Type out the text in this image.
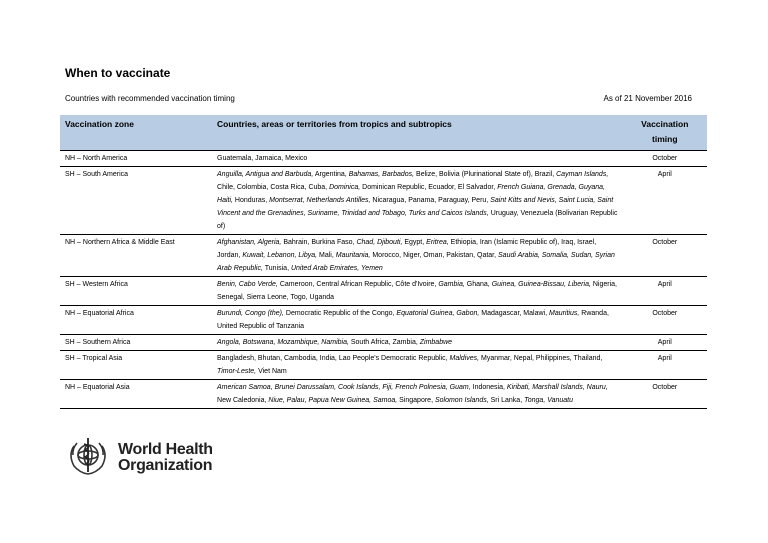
When to vaccinate
Countries with recommended vaccination timing	As of 21 November 2016
Vaccination zone	Countries, areas or territories from tropics and subtropics	Vaccination timing
NH – North America	Guatemala, Jamaica, Mexico	October
SH – South America	Anguilla, Antigua and Barbuda, Argentina, Bahamas, Barbados, Belize, Bolivia (Plurinational State of), Brazil, Cayman Islands, Chile, Colombia, Costa Rica, Cuba, Dominica, Dominican Republic, Ecuador, El Salvador, French Guiana, Grenada, Guyana, Haiti, Honduras, Montserrat, Netherlands Antilles, Nicaragua, Panama, Paraguay, Peru, Saint Kitts and Nevis, Saint Lucia, Saint Vincent and the Grenadines, Suriname, Trinidad and Tobago, Turks and Caicos Islands, Uruguay, Venezuela (Bolivarian Republic of)	April
NH – Northern Africa & Middle East	Afghanistan, Algeria, Bahrain, Burkina Faso, Chad, Djibouti, Egypt, Eritrea, Ethiopia, Iran (Islamic Republic of), Iraq, Israel, Jordan, Kuwait, Lebanon, Libya, Mali, Mauritania, Morocco, Niger, Oman, Pakistan, Qatar, Saudi Arabia, Somalia, Sudan, Syrian Arab Republic, Tunisia, United Arab Emirates, Yemen	October
SH – Western Africa	Benin, Cabo Verde, Cameroon, Central African Republic, Côte d'Ivoire, Gambia, Ghana, Guinea, Guinea-Bissau, Liberia, Nigeria, Senegal, Sierra Leone, Togo, Uganda	April
NH – Equatorial Africa	Burundi, Congo (the), Democratic Republic of the Congo, Equatorial Guinea, Gabon, Madagascar, Malawi, Mauritius, Rwanda, United Republic of Tanzania	October
SH – Southern Africa	Angola, Botswana, Mozambique, Namibia, South Africa, Zambia, Zimbabwe	April
SH – Tropical Asia	Bangladesh, Bhutan, Cambodia, India, Lao People's Democratic Republic, Maldives, Myanmar, Nepal, Philippines, Thailand, Timor-Leste, Viet Nam	April
NH – Equatorial Asia	American Samoa, Brunei Darussalam, Cook Islands, Fiji, French Polnesia, Guam, Indonesia, Kiribati, Marshall Islands, Nauru, New Caledonia, Niue, Palau, Papua New Guinea, Samoa, Singapore, Solomon Islands, Sri Lanka, Tonga, Vanuatu	October
World Health
Organization
